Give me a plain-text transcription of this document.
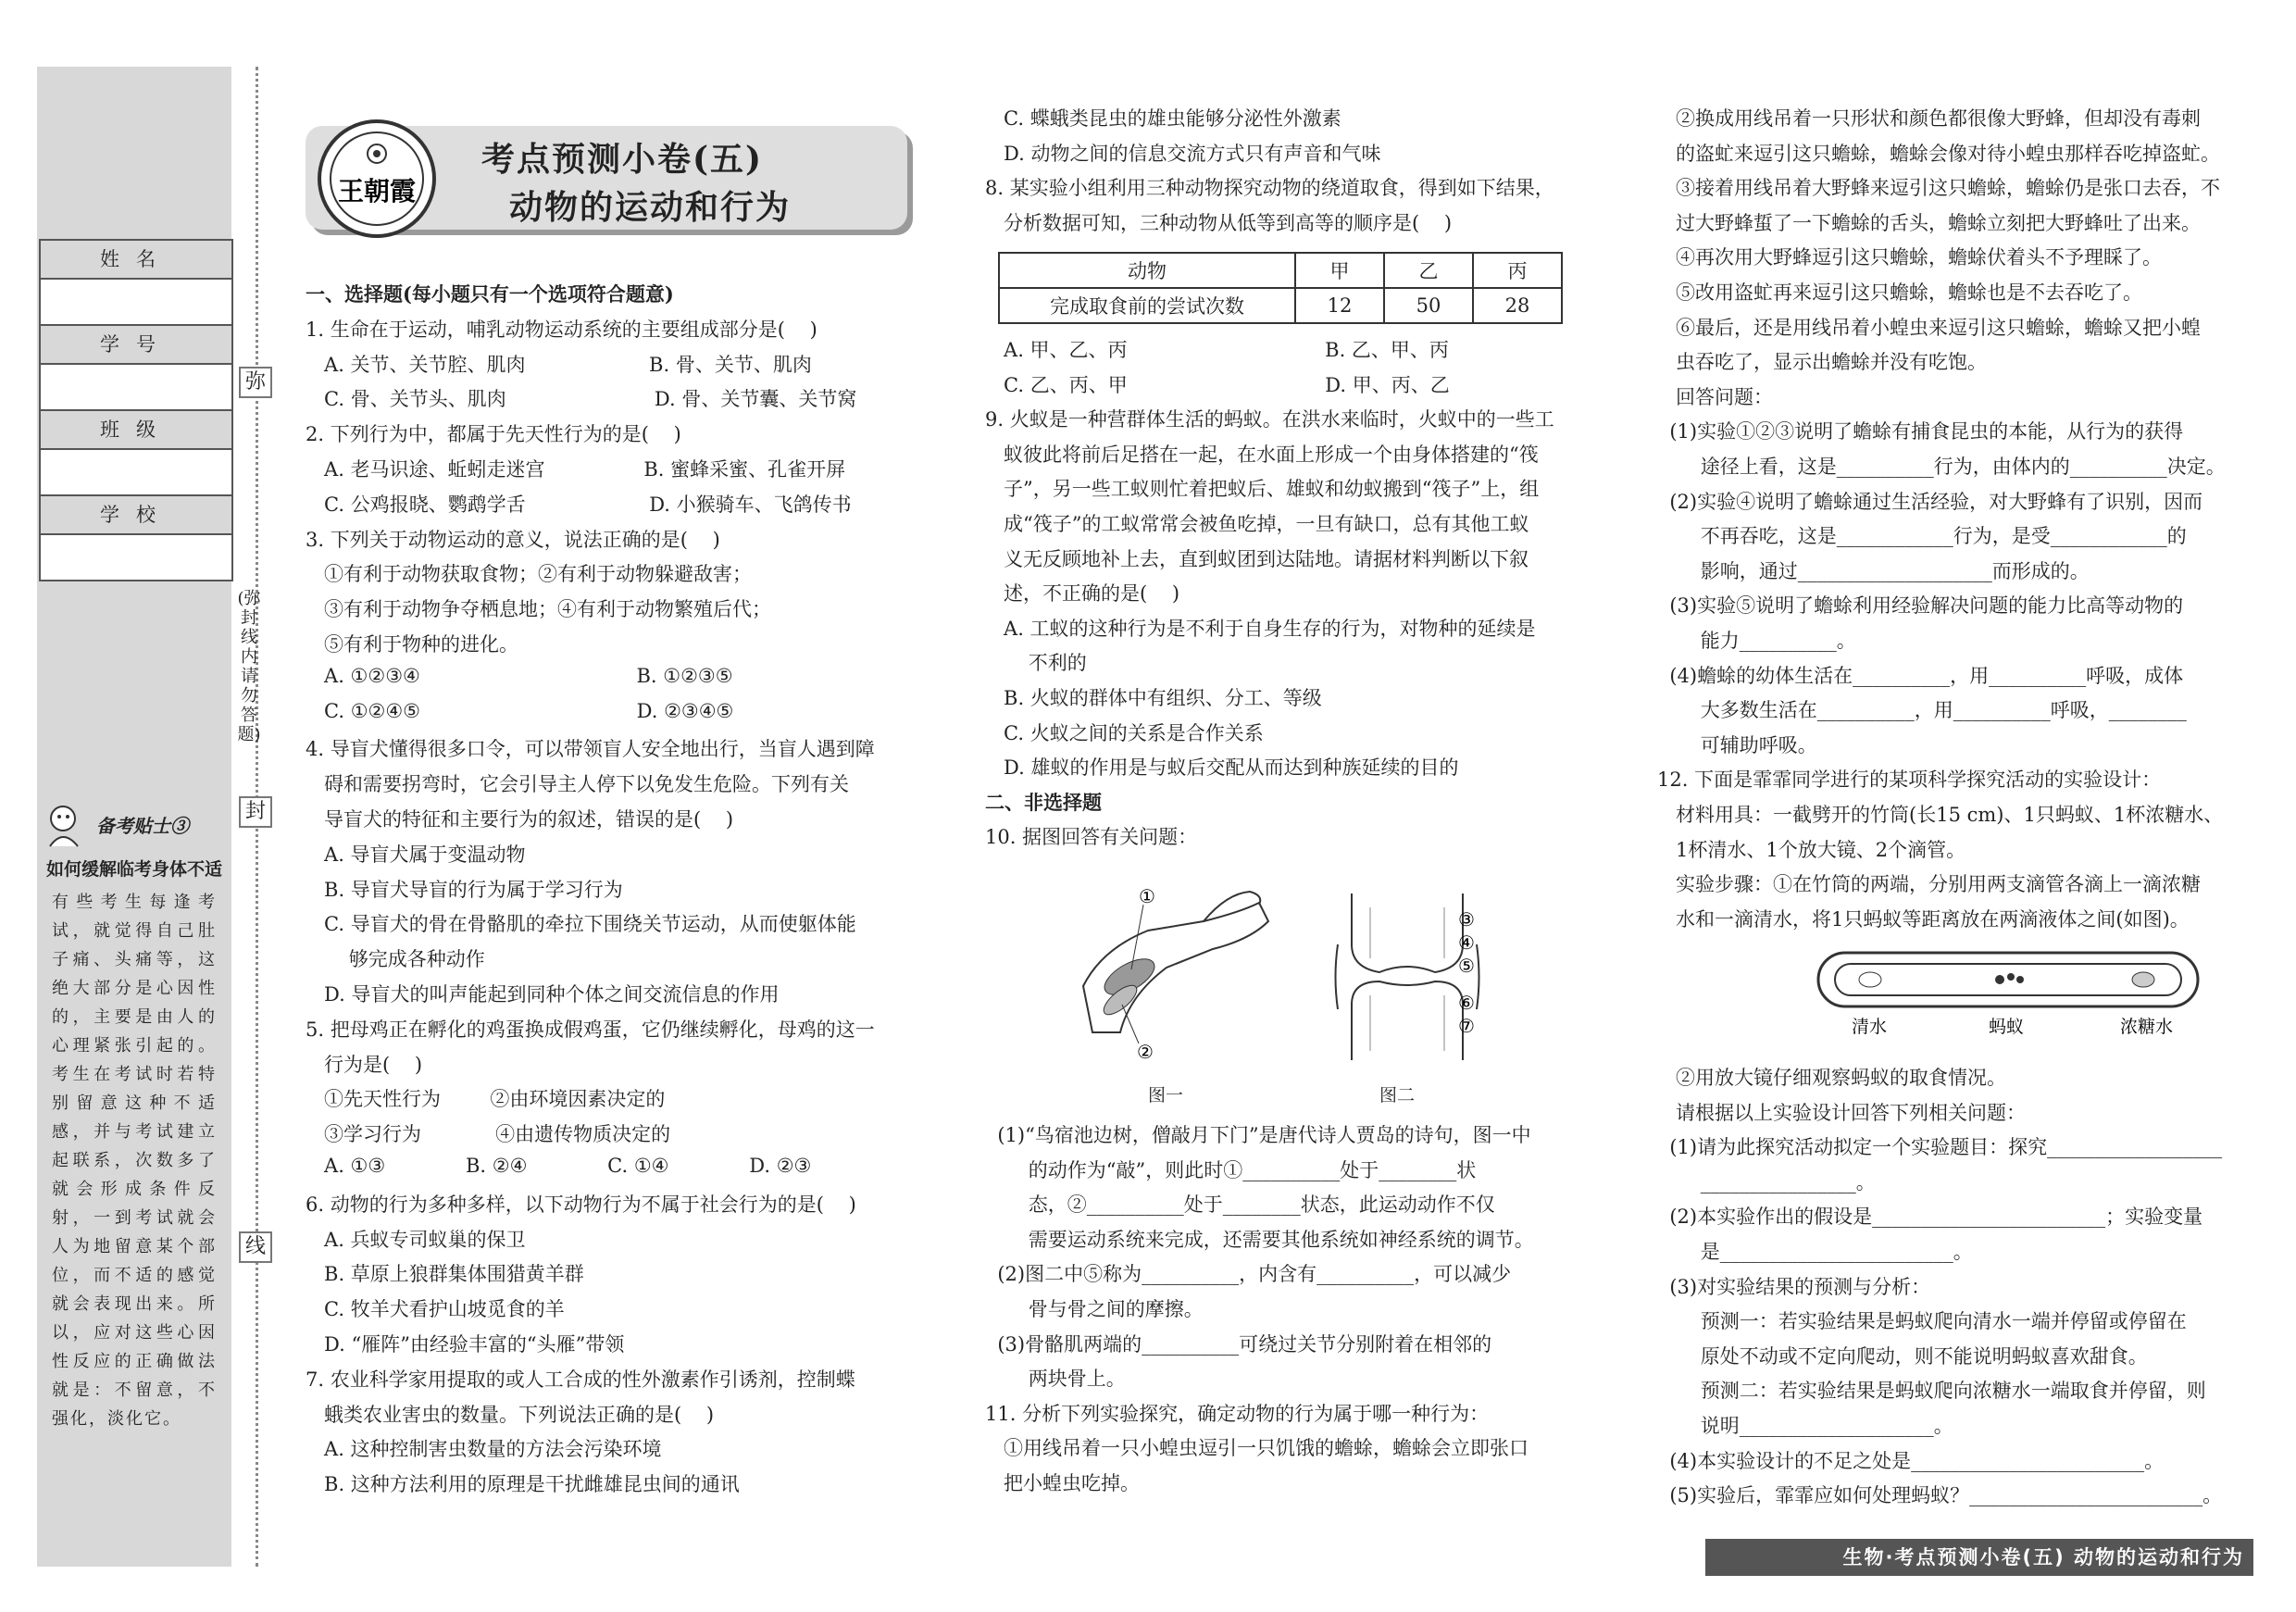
弥
封
线
(弥封线内请勿答题)
姓名
学号
班级
学校
备考贴士③
如何缓解临考身体不适
有些考生每逢考试，就觉得自己肚子痛、头痛等，这绝大部分是心因性的，主要是由人的心理紧张引起的。考生在考试时若特别留意这种不适感，并与考试建立起联系，次数多了就会形成条件反射，一到考试就会人为地留意某个部位，而不适的感觉就会表现出来。所以，应对这些心因性反应的正确做法就是：不留意，不强化，淡化它。
考点预测小卷(五)
动物的运动和行为
王朝霞
动物	甲	乙	丙
完成取食前的尝试次数	12	50	28
①
②
③
④
⑤
⑥
⑦
图一	图二
清水	蚂蚁	浓糖水
生物·考点预测小卷(五) 动物的运动和行为
一、选择题(每小题只有一个选项符合题意)
1. 生命在于运动，哺乳动物运动系统的主要组成部分是(    )
A. 关节、关节腔、肌肉                    B. 骨、关节、肌肉
C. 骨、关节头、肌肉                        D. 骨、关节囊、关节窝
2. 下列行为中，都属于先天性行为的是(    )
A. 老马识途、蚯蚓走迷宫                B. 蜜蜂采蜜、孔雀开屏
C. 公鸡报晓、鹦鹉学舌                    D. 小猴骑车、飞鸽传书
3. 下列关于动物运动的意义，说法正确的是(    )
①有利于动物获取食物；②有利于动物躲避敌害；
③有利于动物争夺栖息地；④有利于动物繁殖后代；
⑤有利于物种的进化。
A. ①②③④                                   B. ①②③⑤
C. ①②④⑤                                   D. ②③④⑤
4. 导盲犬懂得很多口令，可以带领盲人安全地出行，当盲人遇到障
碍和需要拐弯时，它会引导主人停下以免发生危险。下列有关
导盲犬的特征和主要行为的叙述，错误的是(    )
A. 导盲犬属于变温动物
B. 导盲犬导盲的行为属于学习行为
C. 导盲犬的骨在骨骼肌的牵拉下围绕关节运动，从而使躯体能
够完成各种动作
D. 导盲犬的叫声能起到同种个体之间交流信息的作用
5. 把母鸡正在孵化的鸡蛋换成假鸡蛋，它仍继续孵化，母鸡的这一
行为是(    )
①先天性行为        ②由环境因素决定的
③学习行为            ④由遗传物质决定的
A. ①③             B. ②④             C. ①④             D. ②③
6. 动物的行为多种多样，以下动物行为不属于社会行为的是(    )
A. 兵蚁专司蚁巢的保卫
B. 草原上狼群集体围猎黄羊群
C. 牧羊犬看护山坡觅食的羊
D. “雁阵”由经验丰富的“头雁”带领
7. 农业科学家用提取的或人工合成的性外激素作引诱剂，控制蝶
蛾类农业害虫的数量。下列说法正确的是(    )
A. 这种控制害虫数量的方法会污染环境
B. 这种方法利用的原理是干扰雌雄昆虫间的通讯
C. 蝶蛾类昆虫的雄虫能够分泌性外激素
D. 动物之间的信息交流方式只有声音和气味
8. 某实验小组利用三种动物探究动物的绕道取食，得到如下结果，
分析数据可知，三种动物从低等到高等的顺序是(    )
A. 甲、乙、丙                                B. 乙、甲、丙
C. 乙、丙、甲                                D. 甲、丙、乙
9. 火蚁是一种营群体生活的蚂蚁。在洪水来临时，火蚁中的一些工
蚁彼此将前后足搭在一起，在水面上形成一个由身体搭建的“筏
子”，另一些工蚁则忙着把蚁后、雄蚁和幼蚁搬到“筏子”上，组
成“筏子”的工蚁常常会被鱼吃掉，一旦有缺口，总有其他工蚁
义无反顾地补上去，直到蚁团到达陆地。请据材料判断以下叙
述，不正确的是(    )
A. 工蚁的这种行为是不利于自身生存的行为，对物种的延续是
不利的
B. 火蚁的群体中有组织、分工、等级
C. 火蚁之间的关系是合作关系
D. 雄蚁的作用是与蚁后交配从而达到种族延续的目的
二、非选择题
10. 据图回答有关问题：
(1)“鸟宿池边树，僧敲月下门”是唐代诗人贾岛的诗句，图一中
的动作为“敲”，则此时①__________处于________状
态，②__________处于________状态，此运动动作不仅
需要运动系统来完成，还需要其他系统如神经系统的调节。
(2)图二中⑤称为__________，内含有__________，可以减少
骨与骨之间的摩擦。
(3)骨骼肌两端的__________可绕过关节分别附着在相邻的
两块骨上。
11. 分析下列实验探究，确定动物的行为属于哪一种行为：
①用线吊着一只小蝗虫逗引一只饥饿的蟾蜍，蟾蜍会立即张口
把小蝗虫吃掉。
②换成用线吊着一只形状和颜色都很像大野蜂，但却没有毒刺
的盗虻来逗引这只蟾蜍，蟾蜍会像对待小蝗虫那样吞吃掉盗虻。
③接着用线吊着大野蜂来逗引这只蟾蜍，蟾蜍仍是张口去吞，不
过大野蜂蜇了一下蟾蜍的舌头，蟾蜍立刻把大野蜂吐了出来。
④再次用大野蜂逗引这只蟾蜍，蟾蜍伏着头不予理睬了。
⑤改用盗虻再来逗引这只蟾蜍，蟾蜍也是不去吞吃了。
⑥最后，还是用线吊着小蝗虫来逗引这只蟾蜍，蟾蜍又把小蝗
虫吞吃了，显示出蟾蜍并没有吃饱。
回答问题：
(1)实验①②③说明了蟾蜍有捕食昆虫的本能，从行为的获得
途径上看，这是__________行为，由体内的__________决定。
(2)实验④说明了蟾蜍通过生活经验，对大野蜂有了识别，因而
不再吞吃，这是____________行为，是受____________的
影响，通过____________________而形成的。
(3)实验⑤说明了蟾蜍利用经验解决问题的能力比高等动物的
能力__________。
(4)蟾蜍的幼体生活在__________，用__________呼吸，成体
大多数生活在__________，用__________呼吸，________
可辅助呼吸。
12. 下面是霏霏同学进行的某项科学探究活动的实验设计：
材料用具：一截劈开的竹筒(长15 cm)、1只蚂蚁、1杯浓糖水、
1杯清水、1个放大镜、2个滴管。
实验步骤：①在竹筒的两端，分别用两支滴管各滴上一滴浓糖
水和一滴清水，将1只蚂蚁等距离放在两滴液体之间(如图)。
②用放大镜仔细观察蚂蚁的取食情况。
请根据以上实验设计回答下列相关问题：
(1)请为此探究活动拟定一个实验题目：探究__________________
________________。
(2)本实验作出的假设是________________________；实验变量
是________________________。
(3)对实验结果的预测与分析：
预测一：若实验结果是蚂蚁爬向清水一端并停留或停留在
原处不动或不定向爬动，则不能说明蚂蚁喜欢甜食。
预测二：若实验结果是蚂蚁爬向浓糖水一端取食并停留，则
说明____________________。
(4)本实验设计的不足之处是________________________。
(5)实验后，霏霏应如何处理蚂蚁？________________________。
